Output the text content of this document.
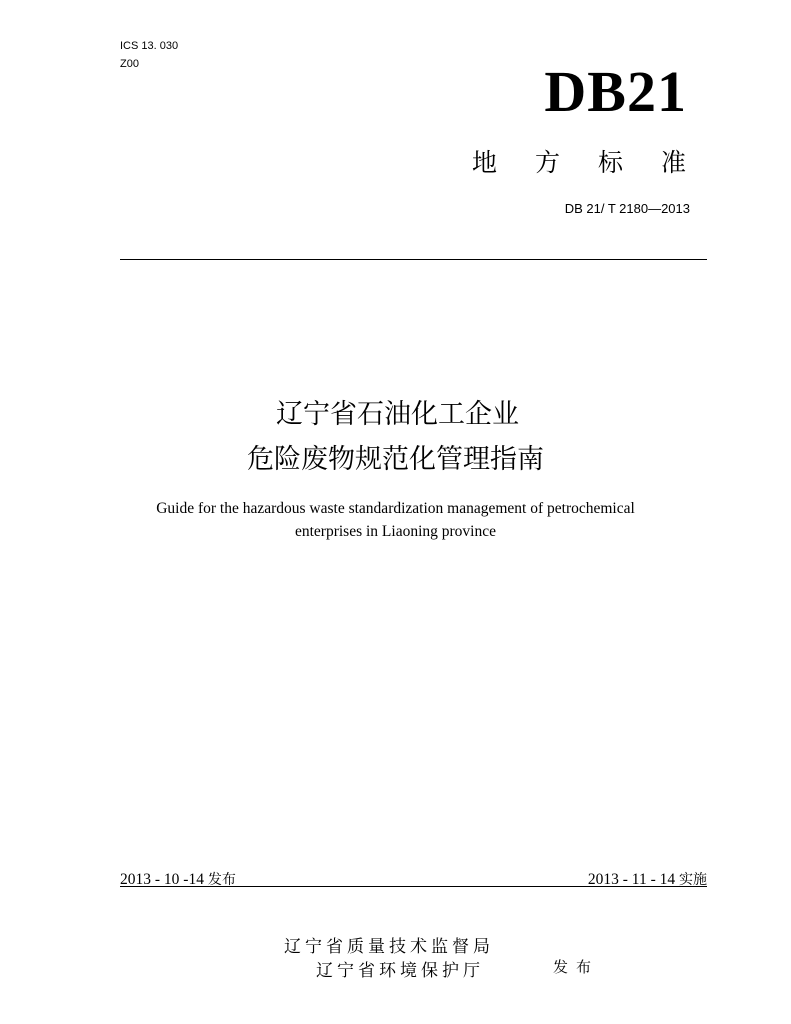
ICS 13. 030
Z00	DB21
地方标准
DB 21/ T 2180—2013
辽宁省石油化工企业
危险废物规范化管理指南
Guide for the hazardous waste standardization management of petrochemical
enterprises in Liaoning province
2013 - 10 -14 发布	2013 - 11 - 14 实施
辽宁省质量技术监督局
辽宁省环境保护厅	发布
